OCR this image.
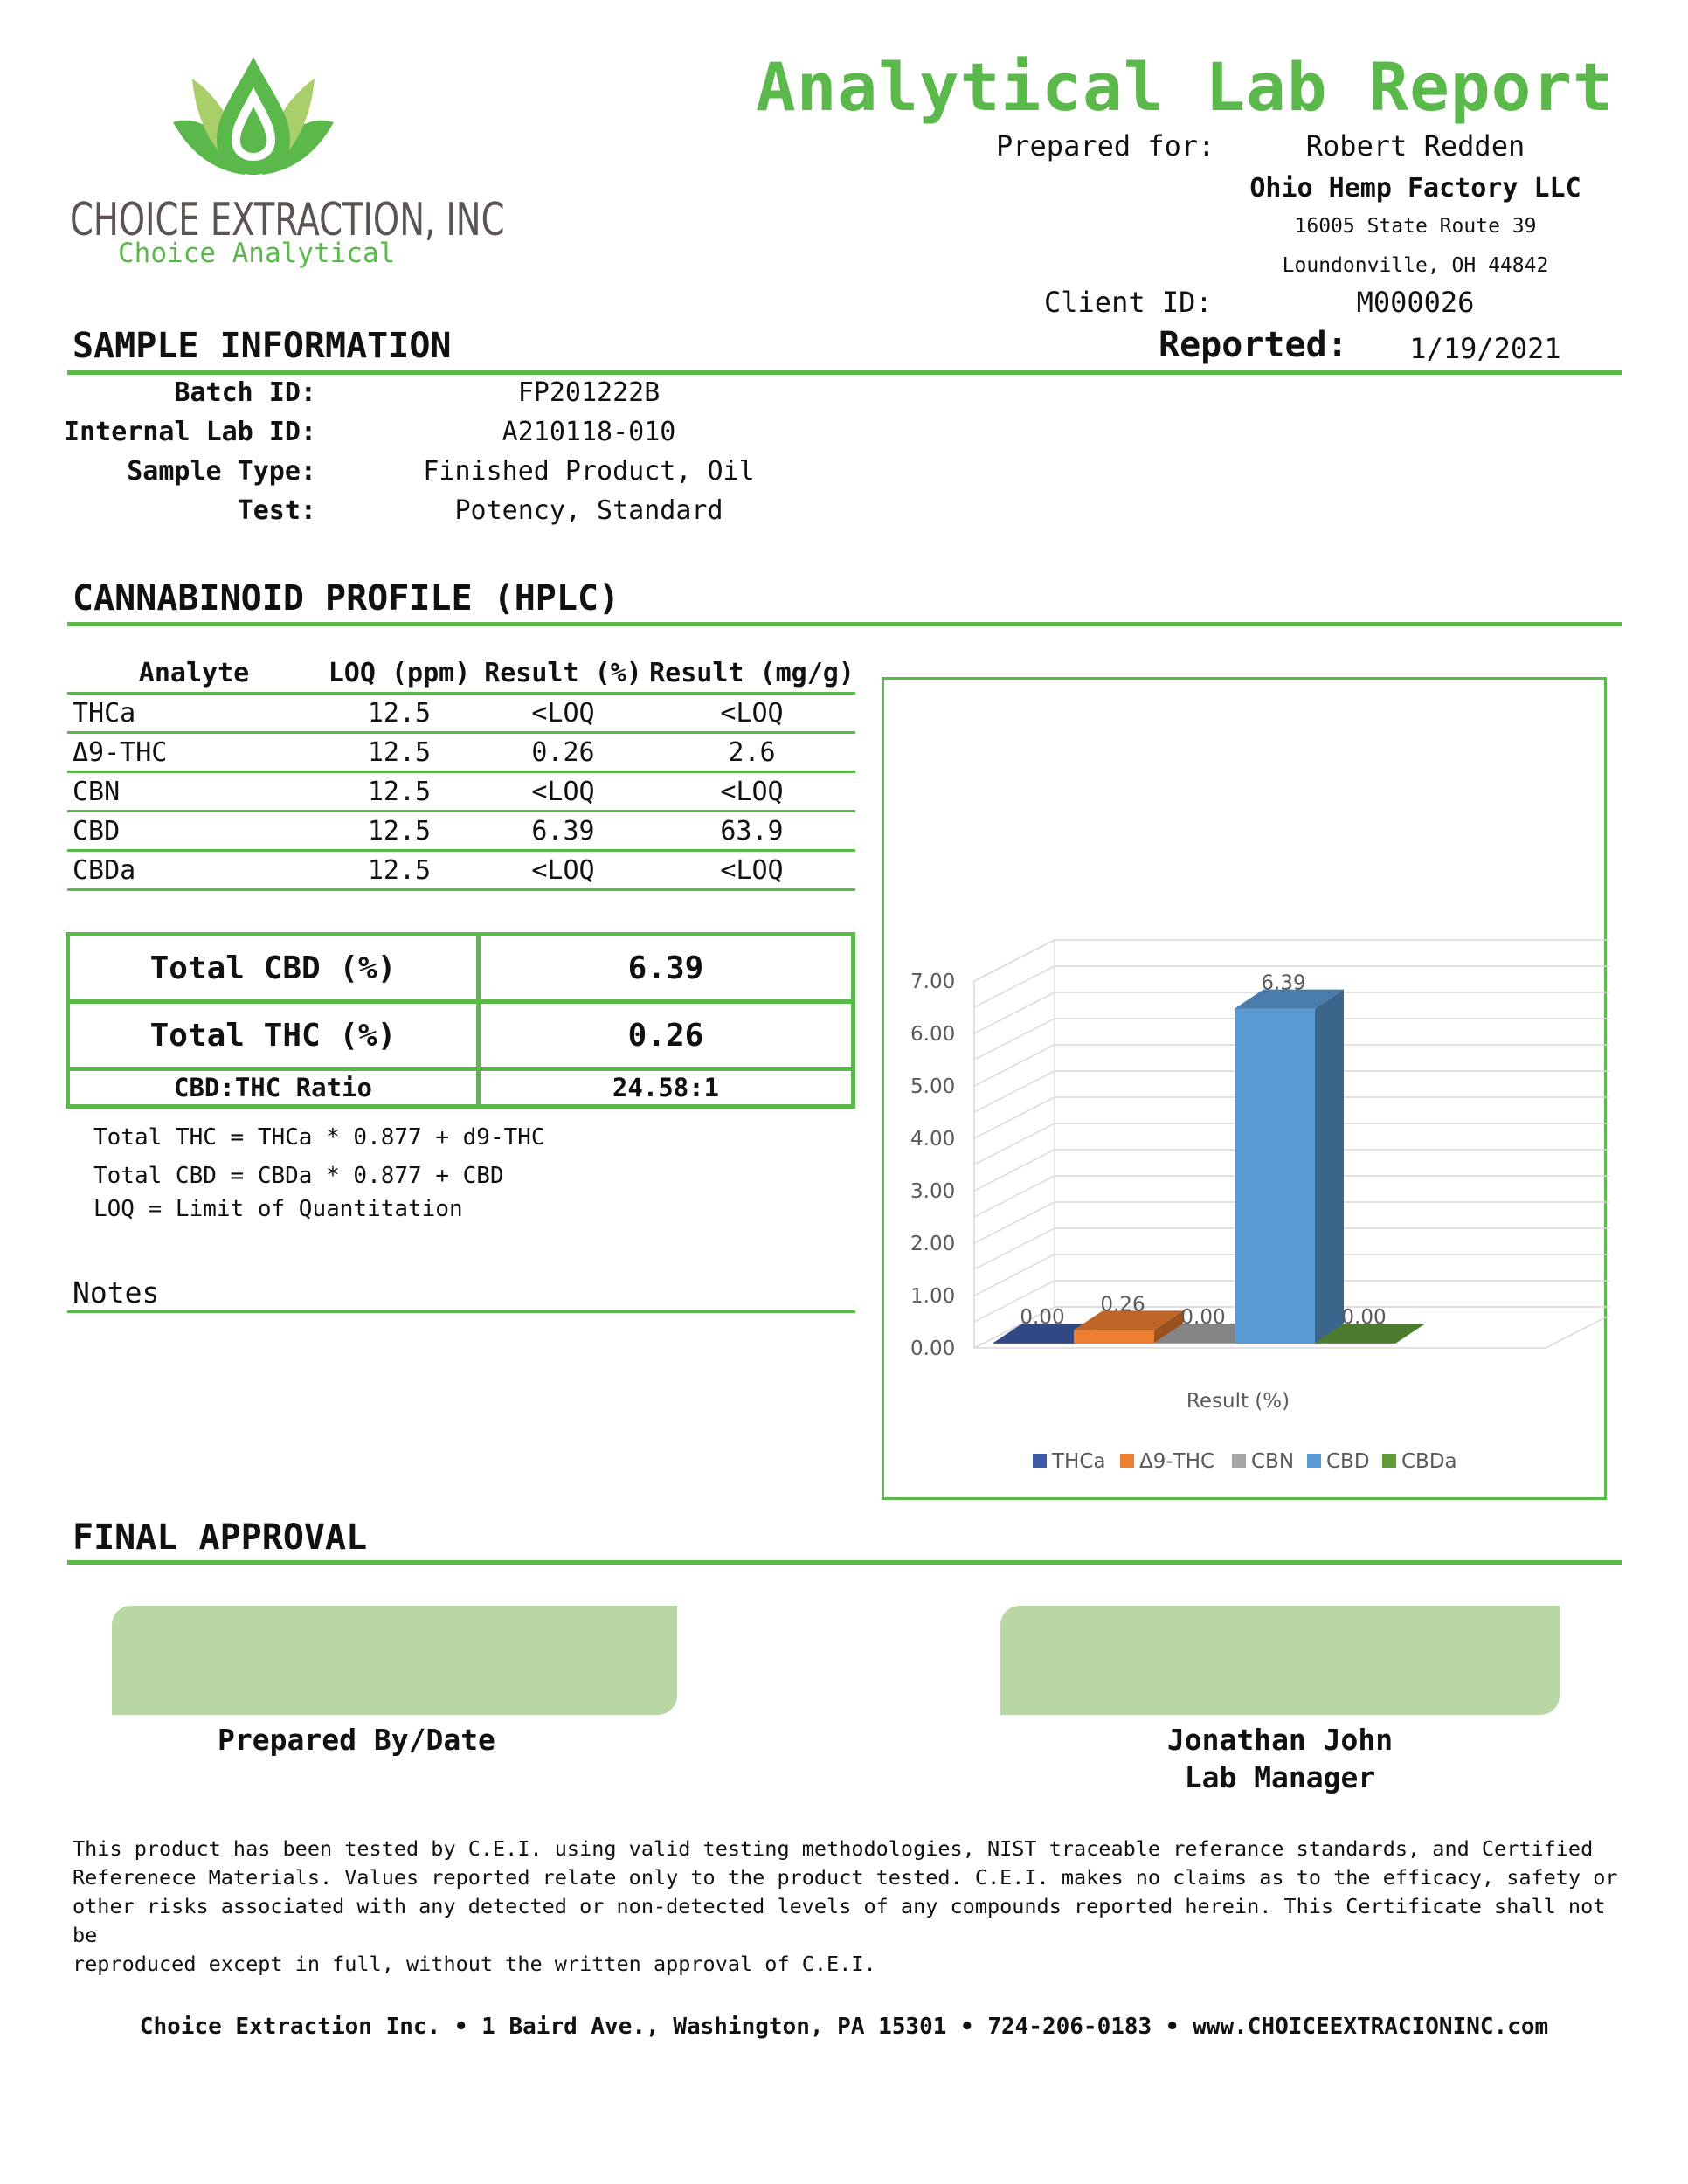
CHOICE EXTRACTION, INC
Choice Analytical
Analytical Lab Report
Prepared for:	Robert Redden
Ohio Hemp Factory LLC
16005 State Route 39
Loundonville, OH 44842
Client ID:	M000026
Reported:	1/19/2021
SAMPLE INFORMATION
Batch ID:	FP201222B
Internal Lab ID:	A210118-010
Sample Type:	Finished Product, Oil
Test:	Potency, Standard
CANNABINOID PROFILE (HPLC)
Analyte	LOQ (ppm)	Result (%)	Result (mg/g)
THCa	12.5	<LOQ	<LOQ
Δ9-THC	12.5	0.26	2.6
CBN	12.5	<LOQ	<LOQ
CBD	12.5	6.39	63.9
CBDa	12.5	<LOQ	<LOQ
Total CBD (%)	6.39
Total THC (%)	0.26
CBD:THC Ratio	24.58:1
Total THC = THCa * 0.877 + d9-THC
Total CBD = CBDa * 0.877 + CBD
LOQ = Limit of Quantitation
Notes
0.00
1.00
2.00
3.00
4.00
5.00
6.00
7.00
0.00
0.26
0.00
6.39
0.00
Result (%)
THCa Δ9-THC CBN CBD CBDa
FINAL APPROVAL
Prepared By/Date	Jonathan John
Lab Manager
This product has been tested by C.E.I. using valid testing methodologies, NIST traceable referance standards, and Certified
Referenece Materials. Values reported relate only to the product tested. C.E.I. makes no claims as to the efficacy, safety or
other risks associated with any detected or non-detected levels of any compounds reported herein. This Certificate shall not be
reproduced except in full, without the written approval of C.E.I.
Choice Extraction Inc. • 1 Baird Ave., Washington, PA 15301 • 724-206-0183 • www.CHOICEEXTRACIONINC.com
